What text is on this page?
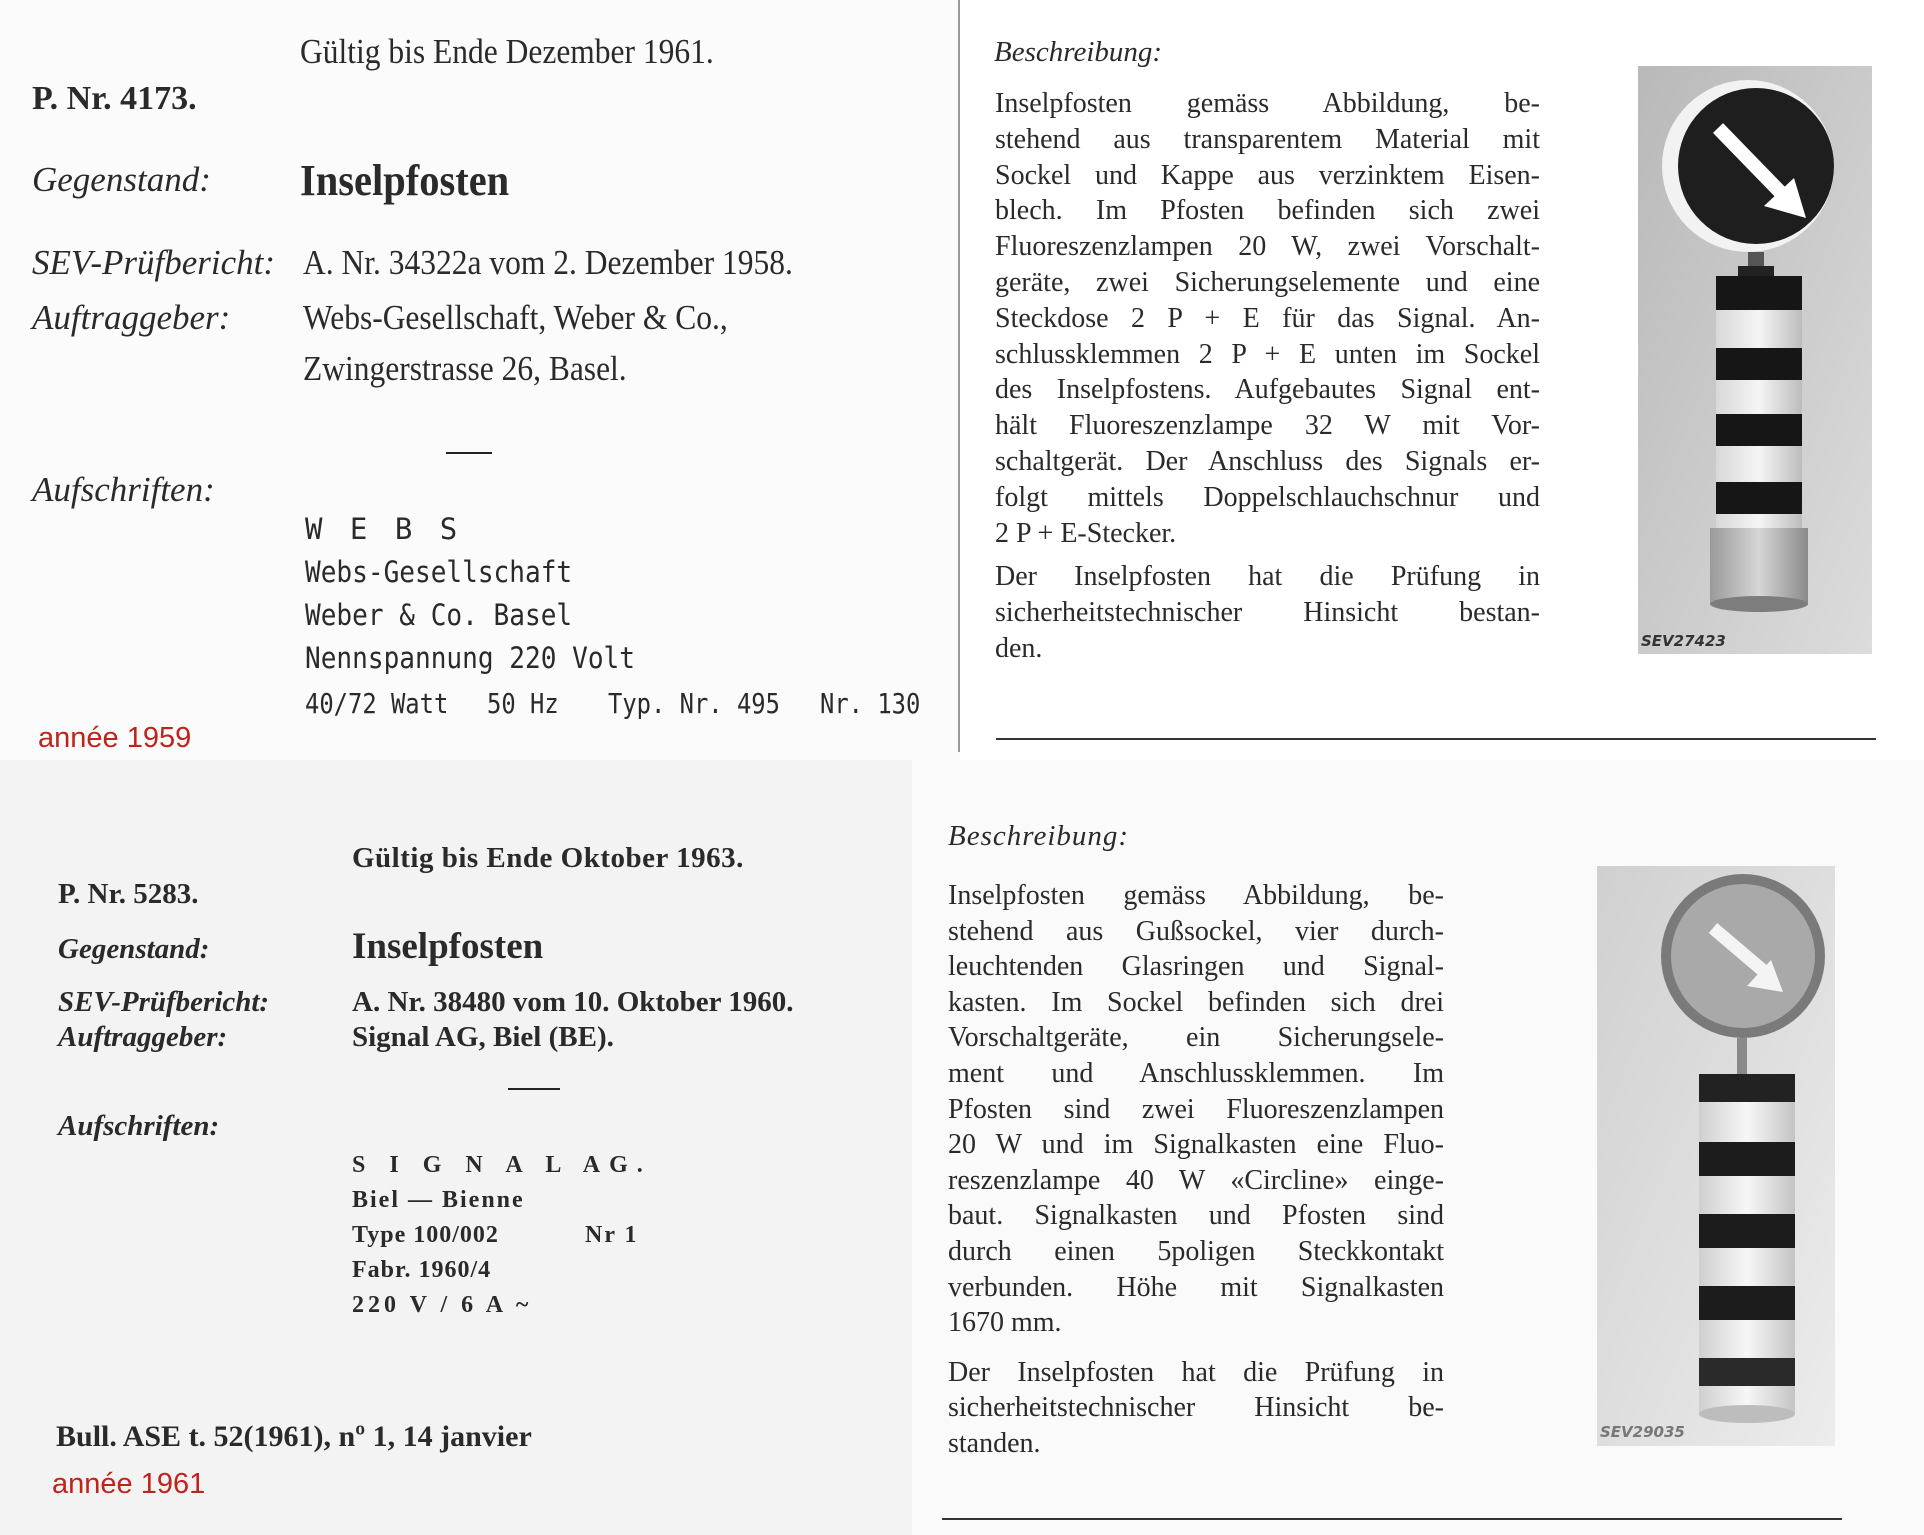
Gültig bis Ende Dezember 1961.
P. Nr. 4173.
Gegenstand: Inselpfosten
SEV-Prüfbericht: A. Nr. 34322a vom 2. Dezember 1958.
Auftraggeber: Webs-Gesellschaft, Weber & Co.,
Zwingerstrasse 26, Basel.
Aufschriften:
W E B S
Webs-Gesellschaft
Weber & Co. Basel
Nennspannung 220 Volt
40/72 Watt 50 Hz Typ. Nr. 495 Nr. 130
année 1959
Beschreibung:

Inselpfosten gemäss Abbildung, be-

stehend aus transparentem Material mit

Sockel und Kappe aus verzinktem Eisen-

blech. Im Pfosten befinden sich zwei

Fluoreszenzlampen 20 W, zwei Vorschalt-

geräte, zwei Sicherungselemente und eine

Steckdose 2 P + E für das Signal. An-

schlussklemmen 2 P + E unten im Sockel

des Inselpfostens. Aufgebautes Signal ent-

hält Fluoreszenzlampe 32 W mit Vor-

schaltgerät. Der Anschluss des Signals er-

folgt mittels Doppelschlauchschnur und

2 P + E-Stecker.

Der Inselpfosten hat die Prüfung in

sicherheitstechnischer Hinsicht bestan-

den.	SEV27423
Gültig bis Ende Oktober 1963.
P. Nr. 5283.
Gegenstand:	Inselpfosten
SEV-Prüfbericht:	A. Nr. 38480 vom 10. Oktober 1960.
Auftraggeber:	Signal AG, Biel (BE).
Aufschriften:
S I G N A L AG.
Biel — Bienne
Type 100/002	Nr 1
Fabr. 1960/4
220 V / 6 A ~
Bull. ASE t. 52(1961), nº 1, 14 janvier
année 1961
Beschreibung:

Inselpfosten gemäss Abbildung, be-

stehend aus Gußsockel, vier durch-

leuchtenden Glasringen und Signal-

kasten. Im Sockel befinden sich drei

Vorschaltgeräte, ein Sicherungsele-

ment und Anschlussklemmen. Im

Pfosten sind zwei Fluoreszenzlampen

20 W und im Signalkasten eine Fluo-

reszenzlampe 40 W «Circline» einge-

baut. Signalkasten und Pfosten sind

durch einen 5poligen Steckkontakt

verbunden. Höhe mit Signalkasten

1670 mm.

Der Inselpfosten hat die Prüfung in

sicherheitstechnischer Hinsicht be-

standen.	SEV29035
